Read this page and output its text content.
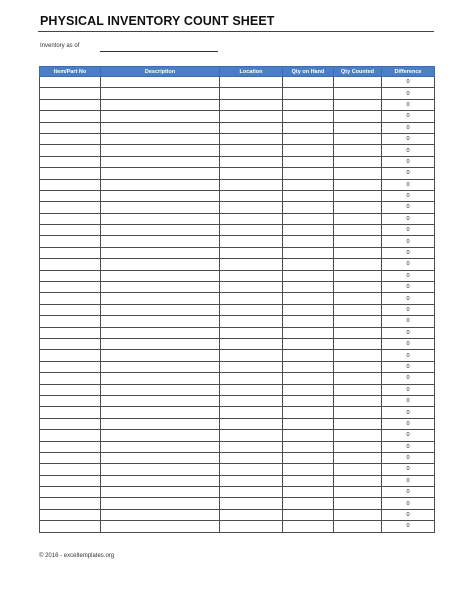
PHYSICAL INVENTORY COUNT SHEET
Inventory as of
Item/Part No	Description	Location	Qty on Hand	Qty Counted	Difference
					0
					0
					0
					0
					0
					0
					0
					0
					0
					0
					0
					0
					0
					0
					0
					0
					0
					0
					0
					0
					0
					0
					0
					0
					0
					0
					0
					0
					0
					0
					0
					0
					0
					0
					0
					0
					0
					0
					0
					0
© 2016 - exceltemplates.org
